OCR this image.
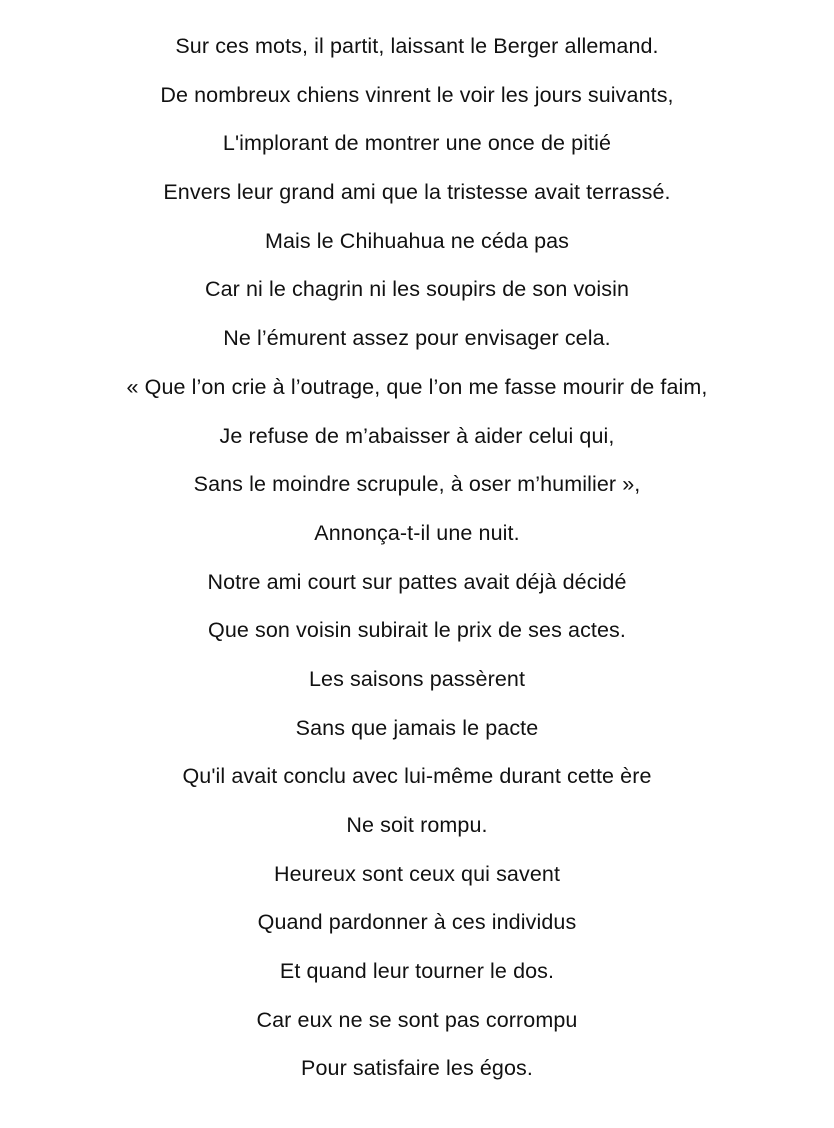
Sur ces mots, il partit, laissant le Berger allemand.
De nombreux chiens vinrent le voir les jours suivants,
L'implorant de montrer une once de pitié
Envers leur grand ami que la tristesse avait terrassé.
Mais le Chihuahua ne céda pas
Car ni le chagrin ni les soupirs de son voisin
Ne l’émurent assez pour envisager cela.
« Que l’on crie à l’outrage, que l’on me fasse mourir de faim,
Je refuse de m’abaisser à aider celui qui,
Sans le moindre scrupule, à oser m’humilier »,
Annonça-t-il une nuit.
Notre ami court sur pattes avait déjà décidé
Que son voisin subirait le prix de ses actes.
Les saisons passèrent
Sans que jamais le pacte
Qu'il avait conclu avec lui-même durant cette ère
Ne soit rompu.
Heureux sont ceux qui savent
Quand pardonner à ces individus
Et quand leur tourner le dos.
Car eux ne se sont pas corrompu
Pour satisfaire les égos.
